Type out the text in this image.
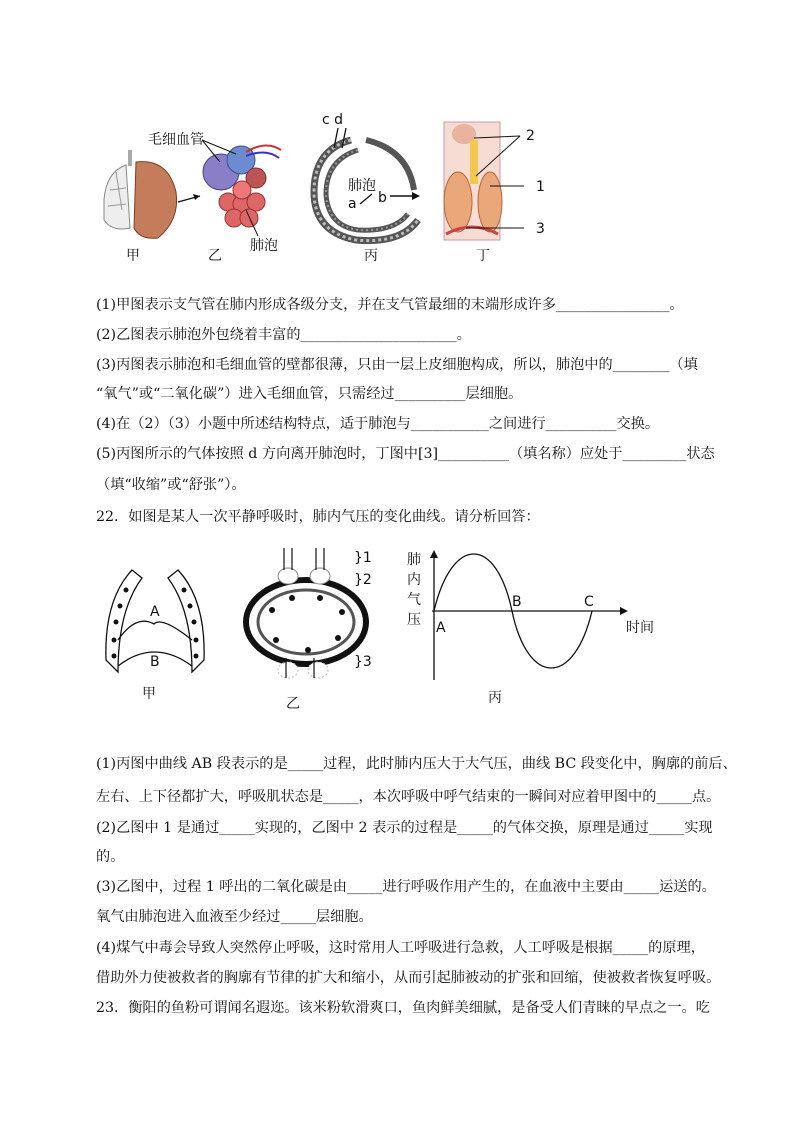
毛细血管
肺泡
c d
肺泡
a b
2
1
3
甲	乙	丙	丁
(1)甲图表示支气管在肺内形成各级分支，并在支气管最细的末端形成许多________________。
(2)乙图表示肺泡外包绕着丰富的______________________。
(3)丙图表示肺泡和毛细血管的壁都很薄，只由一层上皮细胞构成，所以，肺泡中的________（填
“氧气”或“二氧化碳”）进入毛细血管，只需经过__________层细胞。
(4)在（2）（3）小题中所述结构特点，适于肺泡与___________之间进行__________交换。
(5)丙图所示的气体按照 d 方向离开肺泡时，丁图中[3]__________（填名称）应处于_________状态
（填“收缩”或“舒张”）。
22．如图是某人一次平静呼吸时，肺内气压的变化曲线。请分析回答：
A
B
}1
}2
}3
肺
内
气
压	时间
A
B	C
甲
乙	丙
(1)丙图中曲线 AB 段表示的是_____过程，此时肺内压大于大气压，曲线 BC 段变化中，胸廓的前后、
左右、上下径都扩大，呼吸肌状态是_____，本次呼吸中呼气结束的一瞬间对应着甲图中的_____点。
(2)乙图中 1 是通过_____实现的，乙图中 2 表示的过程是_____的气体交换，原理是通过_____实现
的。
(3)乙图中，过程 1 呼出的二氧化碳是由_____进行呼吸作用产生的，在血液中主要由_____运送的。
氧气由肺泡进入血液至少经过_____层细胞。
(4)煤气中毒会导致人突然停止呼吸，这时常用人工呼吸进行急救，人工呼吸是根据_____的原理，
借助外力使被救者的胸廓有节律的扩大和缩小，从而引起肺被动的扩张和回缩，使被救者恢复呼吸。
23．衡阳的鱼粉可谓闻名遐迩。该米粉软滑爽口，鱼肉鲜美细腻，是备受人们青睐的早点之一。吃
